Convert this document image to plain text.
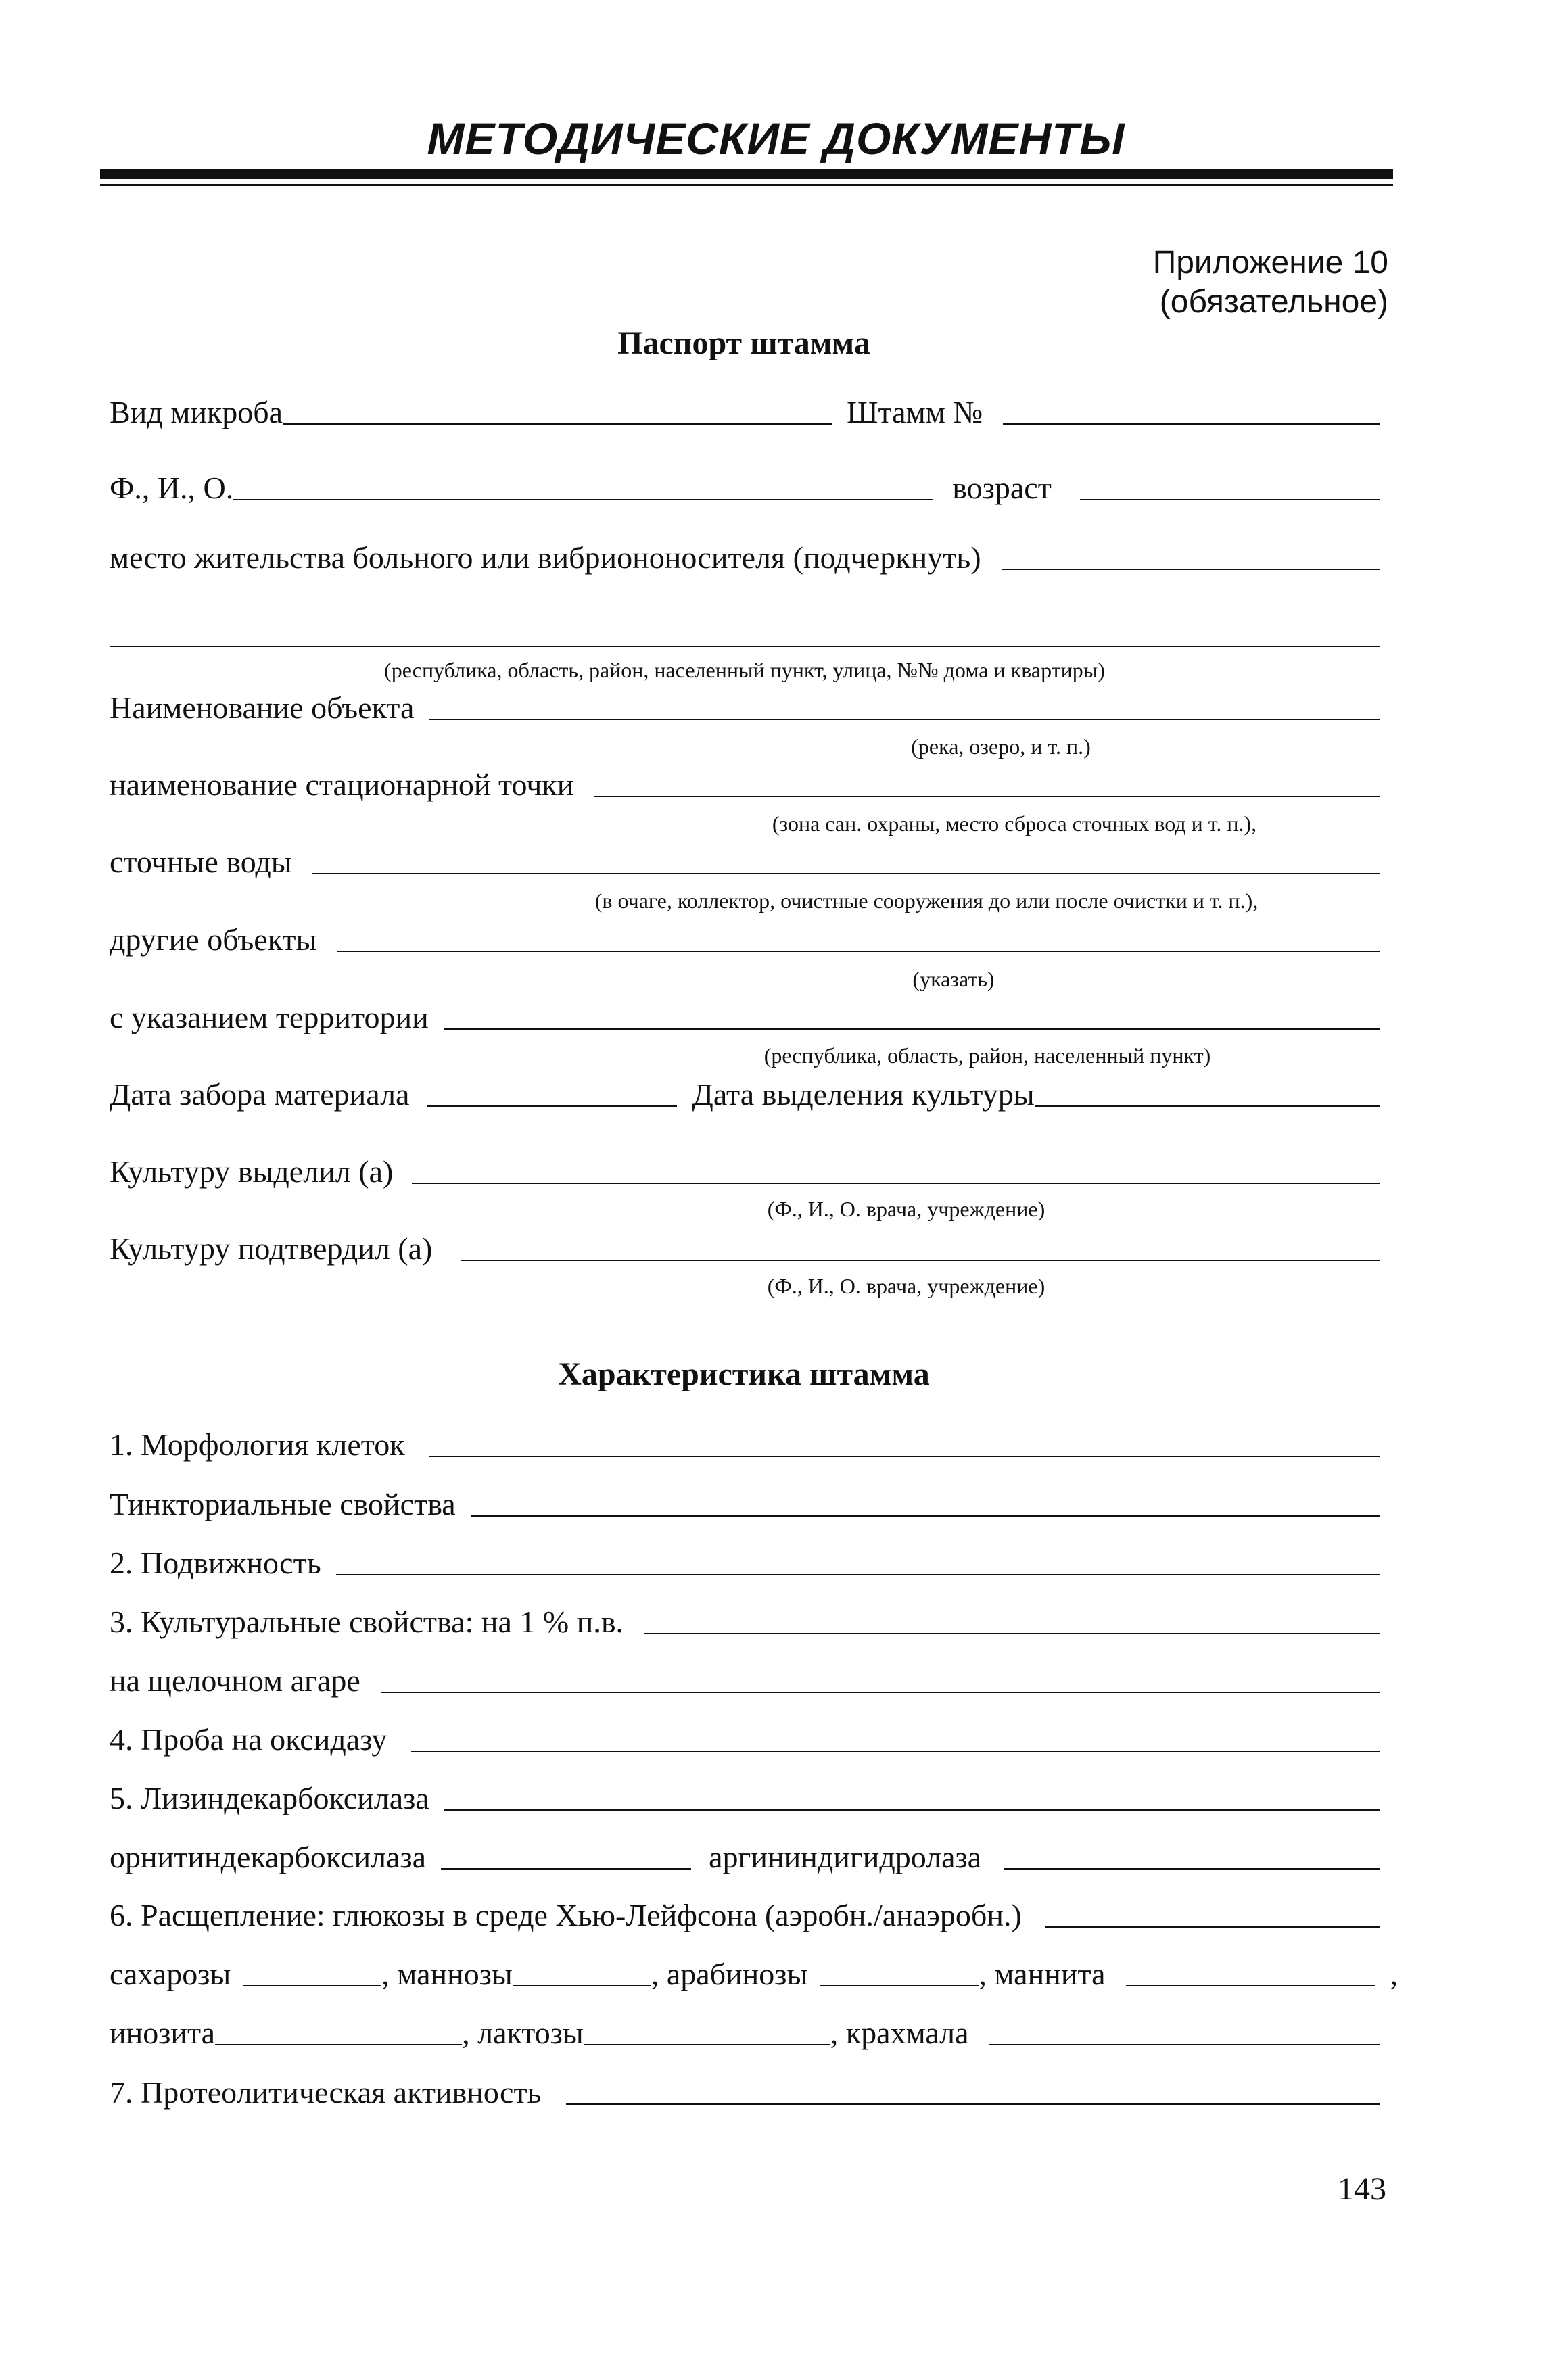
МЕТОДИЧЕСКИЕ ДОКУМЕНТЫ
Приложение 10
(обязательное)
Паспорт штамма
Вид микроба	Штамм №
Ф., И., О.	возраст
место жительства больного или вибриононосителя (подчеркнуть)
(республика, область, район, населенный пункт, улица, №№ дома и квартиры)
Наименование объекта
(река, озеро, и т. п.)
наименование стационарной точки
(зона сан. охраны, место сброса сточных вод и т. п.),
сточные воды
(в очаге, коллектор, очистные сооружения до или после очистки и т. п.),
другие объекты
(указать)
с указанием территории
(республика, область, район, населенный пункт)
Дата забора материала	Дата выделения культуры
Культуру выделил (а)
(Ф., И., О. врача, учреждение)
Культуру подтвердил (а)
(Ф., И., О. врача, учреждение)
Характеристика штамма
1. Морфология клеток
Тинкториальные свойства
2. Подвижность
3. Культуральные свойства: на 1 % п.в.
на щелочном агаре
4. Проба на оксидазу
5. Лизиндекарбоксилаза
орнитиндекарбоксилаза	аргининдигидролаза
6. Расщепление: глюкозы в среде Хью-Лейфсона (аэробн./анаэробн.)
сахарозы	, маннозы	, арабинозы	, маннита	,
инозита	, лактозы	, крахмала
7. Протеолитическая активность
143
